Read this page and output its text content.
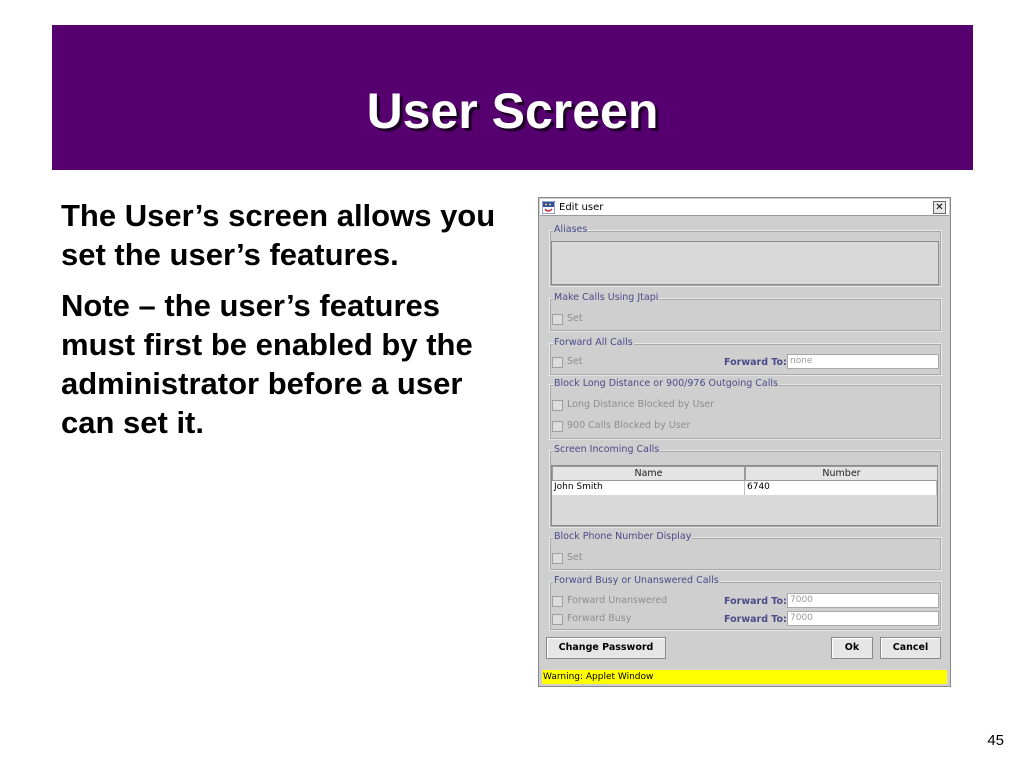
User Screen

The User’s screen allows you set the user’s features.

Note – the user’s features must first be enabled by the administrator before a user can set it.

Edit user	✕
Aliases
Make Calls Using Jtapi
Set
Forward All Calls
Set	Forward To: none
Block Long Distance or 900/976 Outgoing Calls
Long Distance Blocked by User
900 Calls Blocked by User
Screen Incoming Calls
Name	Number
John Smith	6740
Block Phone Number Display
Set
Forward Busy or Unanswered Calls
Forward Unanswered	Forward To: 7000
Forward Busy	Forward To: 7000
Change Password	Ok	Cancel
Warning: Applet Window
45
